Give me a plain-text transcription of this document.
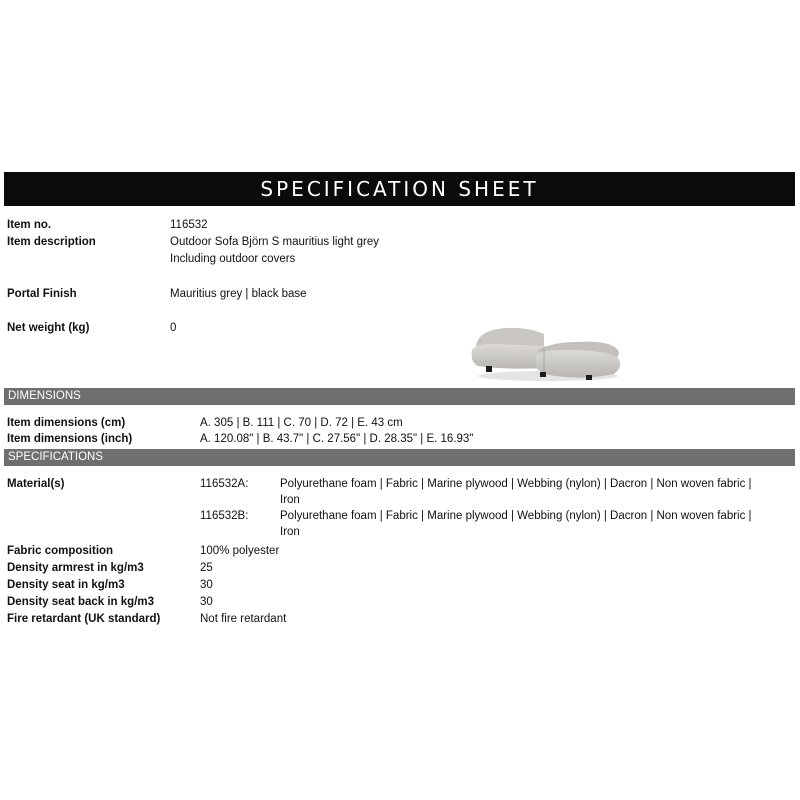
SPECIFICATION SHEET
Item no.	116532
Item description	Outdoor Sofa Björn S mauritius light grey
Including outdoor covers
Portal Finish	Mauritius grey | black base
Net weight (kg)	0
DIMENSIONS
Item dimensions (cm)	A. 305 | B. 111 | C. 70 | D. 72 | E. 43 cm
Item dimensions (inch)	A. 120.08" | B. 43.7" | C. 27.56" | D. 28.35" | E. 16.93"
SPECIFICATIONS
Material(s)	116532A:	Polyurethane foam | Fabric | Marine plywood | Webbing (nylon) | Dacron | Non woven fabric |
Iron
116532B:	Polyurethane foam | Fabric | Marine plywood | Webbing (nylon) | Dacron | Non woven fabric |
Iron
Fabric composition	100% polyester
Density armrest in kg/m3	25
Density seat in kg/m3	30
Density seat back in kg/m3	30
Fire retardant (UK standard)	Not fire retardant
